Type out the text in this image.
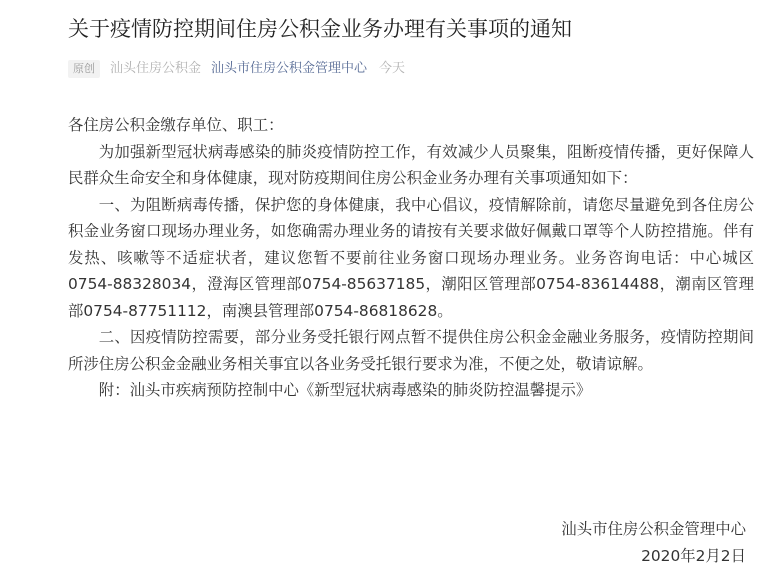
关于疫情防控期间住房公积金业务办理有关事项的通知
原创	汕头住房公积金 汕头市住房公积金管理中心 今天

各住房公积金缴存单位、职工：

为加强新型冠状病毒感染的肺炎疫情防控工作，有效减少人员聚集，阻断疫情传播，更好保障人民群众生命安全和身体健康，现对防疫期间住房公积金业务办理有关事项通知如下：

一、为阻断病毒传播，保护您的身体健康，我中心倡议，疫情解除前，请您尽量避免到各住房公积金业务窗口现场办理业务，如您确需办理业务的请按有关要求做好佩戴口罩等个人防控措施。伴有发热、咳嗽等不适症状者，建议您暂不要前往业务窗口现场办理业务。业务咨询电话：中心城区0754-88328034，澄海区管理部0754-85637185，潮阳区管理部0754-83614488，潮南区管理部0754-87751112，南澳县管理部0754-86818628。

二、因疫情防控需要，部分业务受托银行网点暂不提供住房公积金金融业务服务，疫情防控期间所涉住房公积金金融业务相关事宜以各业务受托银行要求为准，不便之处，敬请谅解。

附：汕头市疾病预防控制中心《新型冠状病毒感染的肺炎防控温馨提示》

汕头市住房公积金管理中心
2020年2月2日
